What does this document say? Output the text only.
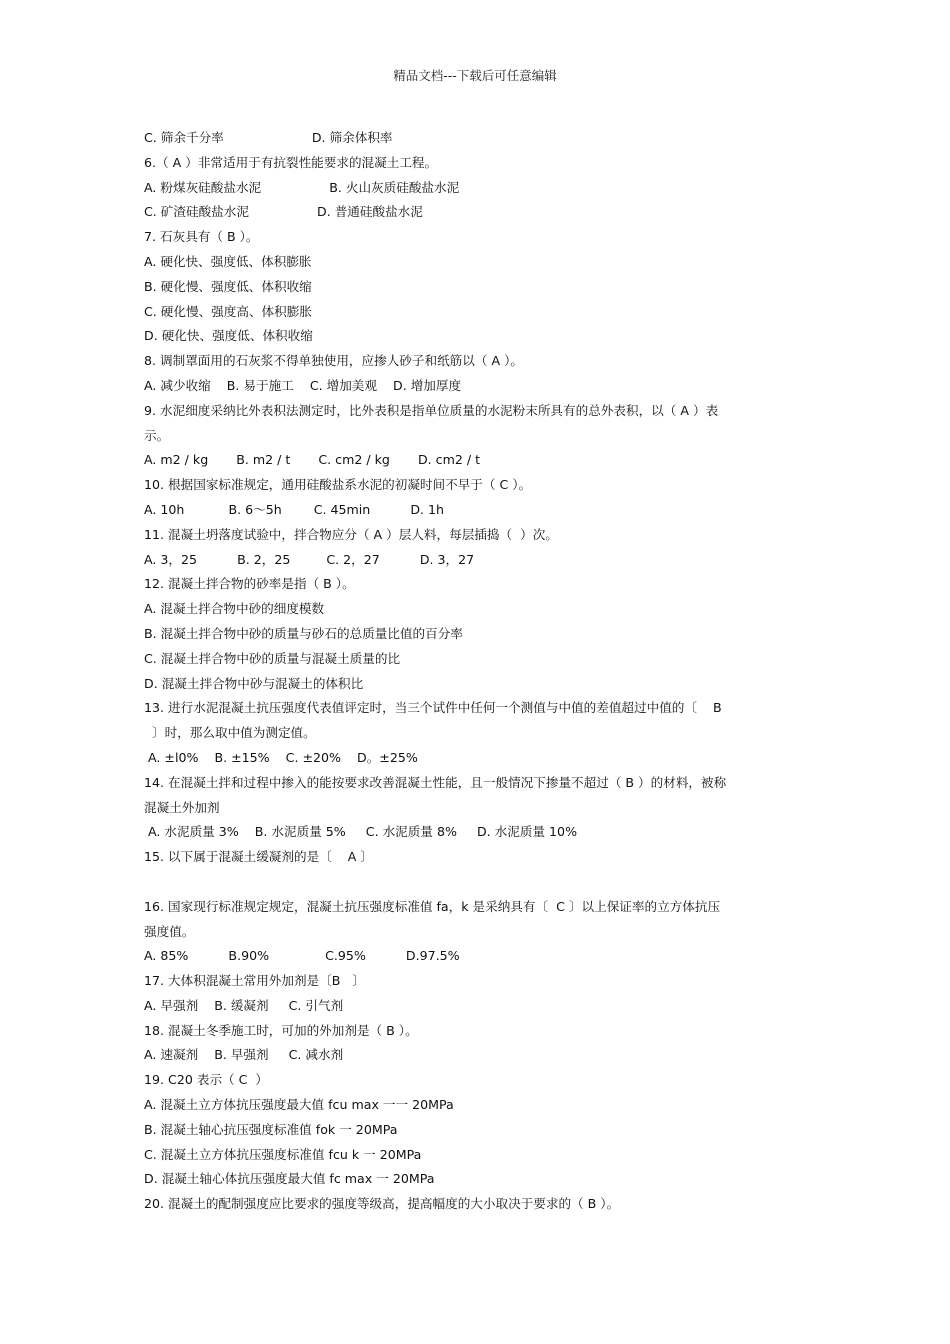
精品文档---下载后可任意编辑
C. 筛余千分率                      D. 筛余体积率
6.（ A ）非常适用于有抗裂性能要求的混凝土工程。
A. 粉煤灰硅酸盐水泥                 B. 火山灰质硅酸盐水泥
C. 矿渣硅酸盐水泥                 D. 普通硅酸盐水泥
7. 石灰具有（ B ）。
A. 硬化快、强度低、体积膨胀
B. 硬化慢、强度低、体积收缩
C. 硬化慢、强度高、体积膨胀
D. 硬化快、强度低、体积收缩
8. 调制罩面用的石灰浆不得单独使用，应掺人砂子和纸筋以（ A ）。
A. 减少收缩    B. 易于施工    C. 增加美观    D. 增加厚度
9. 水泥细度采纳比外表积法测定时，比外表积是指单位质量的水泥粉末所具有的总外表积，以（ A ）表
示。
A. m2 / kg       B. m2 / t       C. cm2 / kg       D. cm2 / t
10. 根据国家标准规定，通用硅酸盐系水泥的初凝时间不早于（ C ）。
A. 10h           B. 6～5h        C. 45min          D. 1h
11. 混凝土坍落度试验中，拌合物应分（ A ）层人料，每层插捣（  ）次。
A. 3，25          B. 2，25         C. 2，27          D. 3，27
12. 混凝土拌合物的砂率是指（ B ）。
A. 混凝土拌合物中砂的细度模数
B. 混凝土拌合物中砂的质量与砂石的总质量比值的百分率
C. 混凝土拌合物中砂的质量与混凝土质量的比
D. 混凝土拌合物中砂与混凝土的体积比
13. 进行水泥混凝土抗压强度代表值评定时，当三个试件中任何一个测值与中值的差值超过中值的〔    B
〕时，那么取中值为测定值。
A. ±l0%    B. ±15%    C. ±20%    D。±25%
14. 在混凝土拌和过程中掺入的能按要求改善混凝土性能，且一般情况下掺量不超过（ B ）的材料，被称
混凝土外加剂
A. 水泥质量 3%    B. 水泥质量 5%     C. 水泥质量 8%     D. 水泥质量 10%
15. 以下属于混凝土缓凝剂的是〔    A 〕
16. 国家现行标准规定规定，混凝土抗压强度标准值 fa，k 是采纳具有〔  C 〕以上保证率的立方体抗压
强度值。
A. 85%          B.90%              C.95%          D.97.5%
17. 大体积混凝土常用外加剂是〔B   〕
A. 早强剂    B. 缓凝剂     C. 引气剂
18. 混凝土冬季施工时，可加的外加剂是（ B ）。
A. 速凝剂    B. 早强剂     C. 减水剂
19. C20 表示（ C  ）
A. 混凝土立方体抗压强度最大值 fcu max 一一 20MPa
B. 混凝土轴心抗压强度标准值 fok 一 20MPa
C. 混凝土立方体抗压强度标准值 fcu k 一 20MPa
D. 混凝土轴心体抗压强度最大值 fc max 一 20MPa
20. 混凝土的配制强度应比要求的强度等级高，提高幅度的大小取决于要求的（ B ）。
